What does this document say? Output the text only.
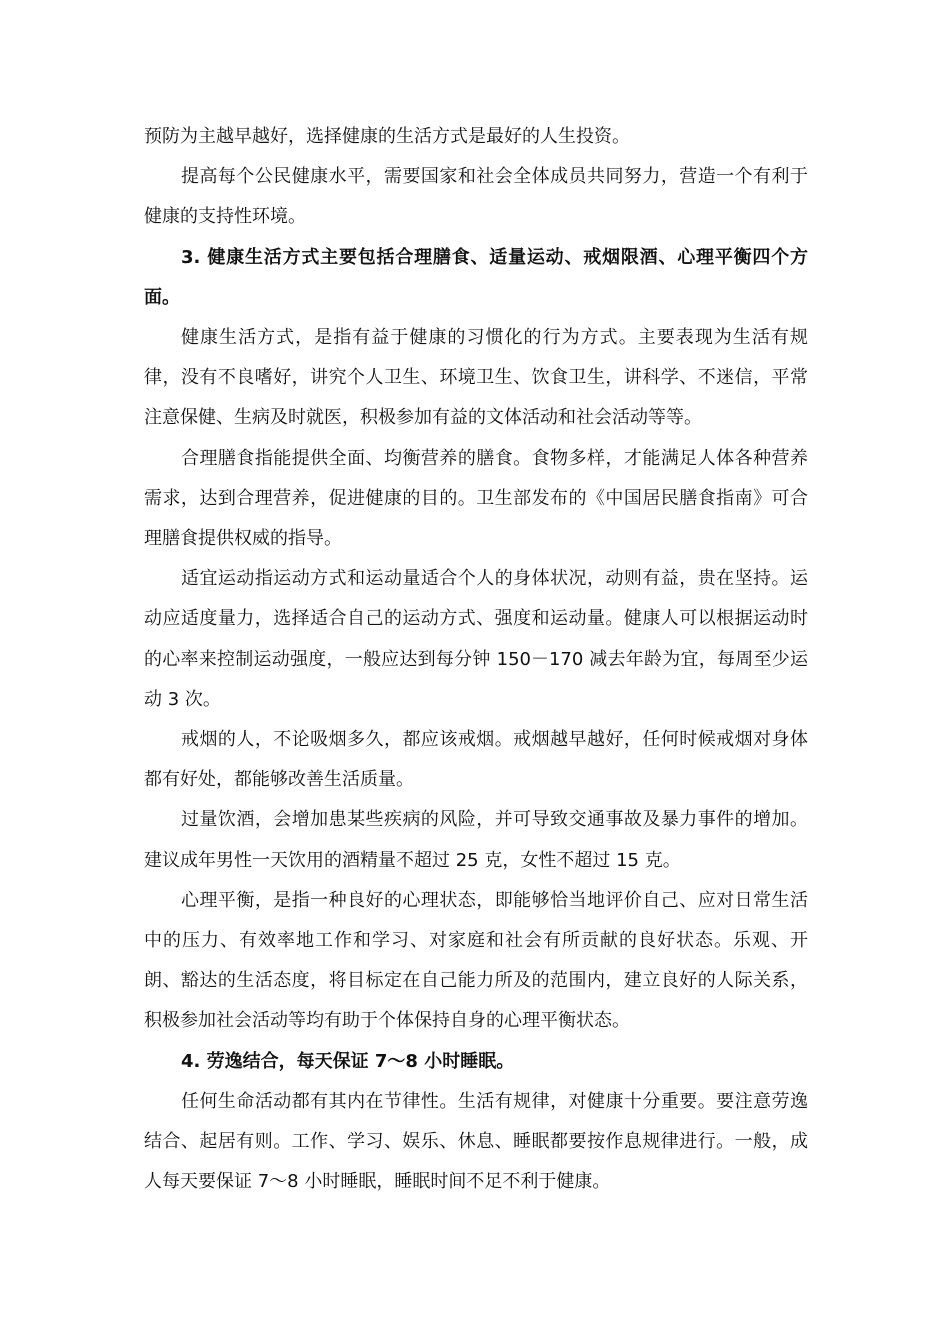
预防为主越早越好，选择健康的生活方式是最好的人生投资。

提高每个公民健康水平，需要国家和社会全体成员共同努力，营造一个有利于健康的支持性环境。

3. 健康生活方式主要包括合理膳食、适量运动、戒烟限酒、心理平衡四个方面。

健康生活方式，是指有益于健康的习惯化的行为方式。主要表现为生活有规律，没有不良嗜好，讲究个人卫生、环境卫生、饮食卫生，讲科学、不迷信，平常注意保健、生病及时就医，积极参加有益的文体活动和社会活动等等。

合理膳食指能提供全面、均衡营养的膳食。食物多样，才能满足人体各种营养需求，达到合理营养，促进健康的目的。卫生部发布的《中国居民膳食指南》可合理膳食提供权威的指导。

适宜运动指运动方式和运动量适合个人的身体状况，动则有益，贵在坚持。运动应适度量力，选择适合自己的运动方式、强度和运动量。健康人可以根据运动时的心率来控制运动强度，一般应达到每分钟 150－170 减去年龄为宜，每周至少运动 3 次。

戒烟的人，不论吸烟多久，都应该戒烟。戒烟越早越好，任何时候戒烟对身体都有好处，都能够改善生活质量。

过量饮酒，会增加患某些疾病的风险，并可导致交通事故及暴力事件的增加。建议成年男性一天饮用的酒精量不超过 25 克，女性不超过 15 克。

心理平衡，是指一种良好的心理状态，即能够恰当地评价自己、应对日常生活中的压力、有效率地工作和学习、对家庭和社会有所贡献的良好状态。乐观、开朗、豁达的生活态度，将目标定在自己能力所及的范围内，建立良好的人际关系，积极参加社会活动等均有助于个体保持自身的心理平衡状态。

4. 劳逸结合，每天保证 7～8 小时睡眠。

任何生命活动都有其内在节律性。生活有规律，对健康十分重要。要注意劳逸结合、起居有则。工作、学习、娱乐、休息、睡眠都要按作息规律进行。一般，成人每天要保证 7～8 小时睡眠，睡眠时间不足不利于健康。
